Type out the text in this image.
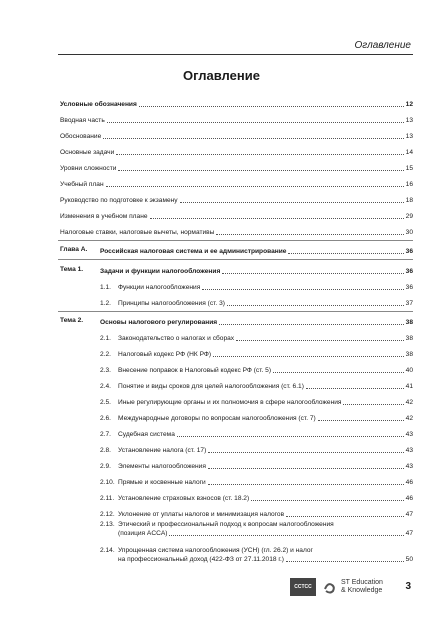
Оглавление
Оглавление
Условные обозначения	12
Вводная часть	13
Обоснование	13
Основные задачи	14
Уровни сложности	15
Учебный план	16
Руководство по подготовке к экзамену	18
Изменения в учебном плане	29
Налоговые ставки, налоговые вычеты, нормативы	30
Глава А. Российская налоговая система и ее администрирование	36
Тема 1.	Задачи и функции налогообложения	36
1.1. Функции налогообложения	36
1.2. Принципы налогообложения (ст. 3)	37
Тема 2.	Основы налогового регулирования	38
2.1. Законодательство о налогах и сборах	38
2.2. Налоговый кодекс РФ (НК РФ)	38
2.3. Внесение поправок в Налоговый кодекс РФ (ст. 5)	40
2.4. Понятие и виды сроков для целей налогообложения (ст. 6.1)	41
2.5. Иные регулирующие органы и их полномочия в сфере налогообложения	42
2.6. Международные договоры по вопросам налогообложения (ст. 7)	42
2.7. Судебная система	43
2.8. Установление налога (ст. 17)	43
2.9. Элементы налогообложения	43
2.10. Прямые и косвенные налоги	46
2.11. Установление страховых взносов (ст. 18.2)	46
2.12. Уклонение от уплаты налогов и минимизация налогов	47
2.13. Этический и профессиональный подход к вопросам налогообложения
(позиция ACCA)	47
2.14. Упрощенная система налогообложения (УСН) (гл. 26.2) и налог
на профессиональный доход (422-ФЗ от 27.11.2018 г.)	50
CCTCC
ST Education
& Knowledge 3
